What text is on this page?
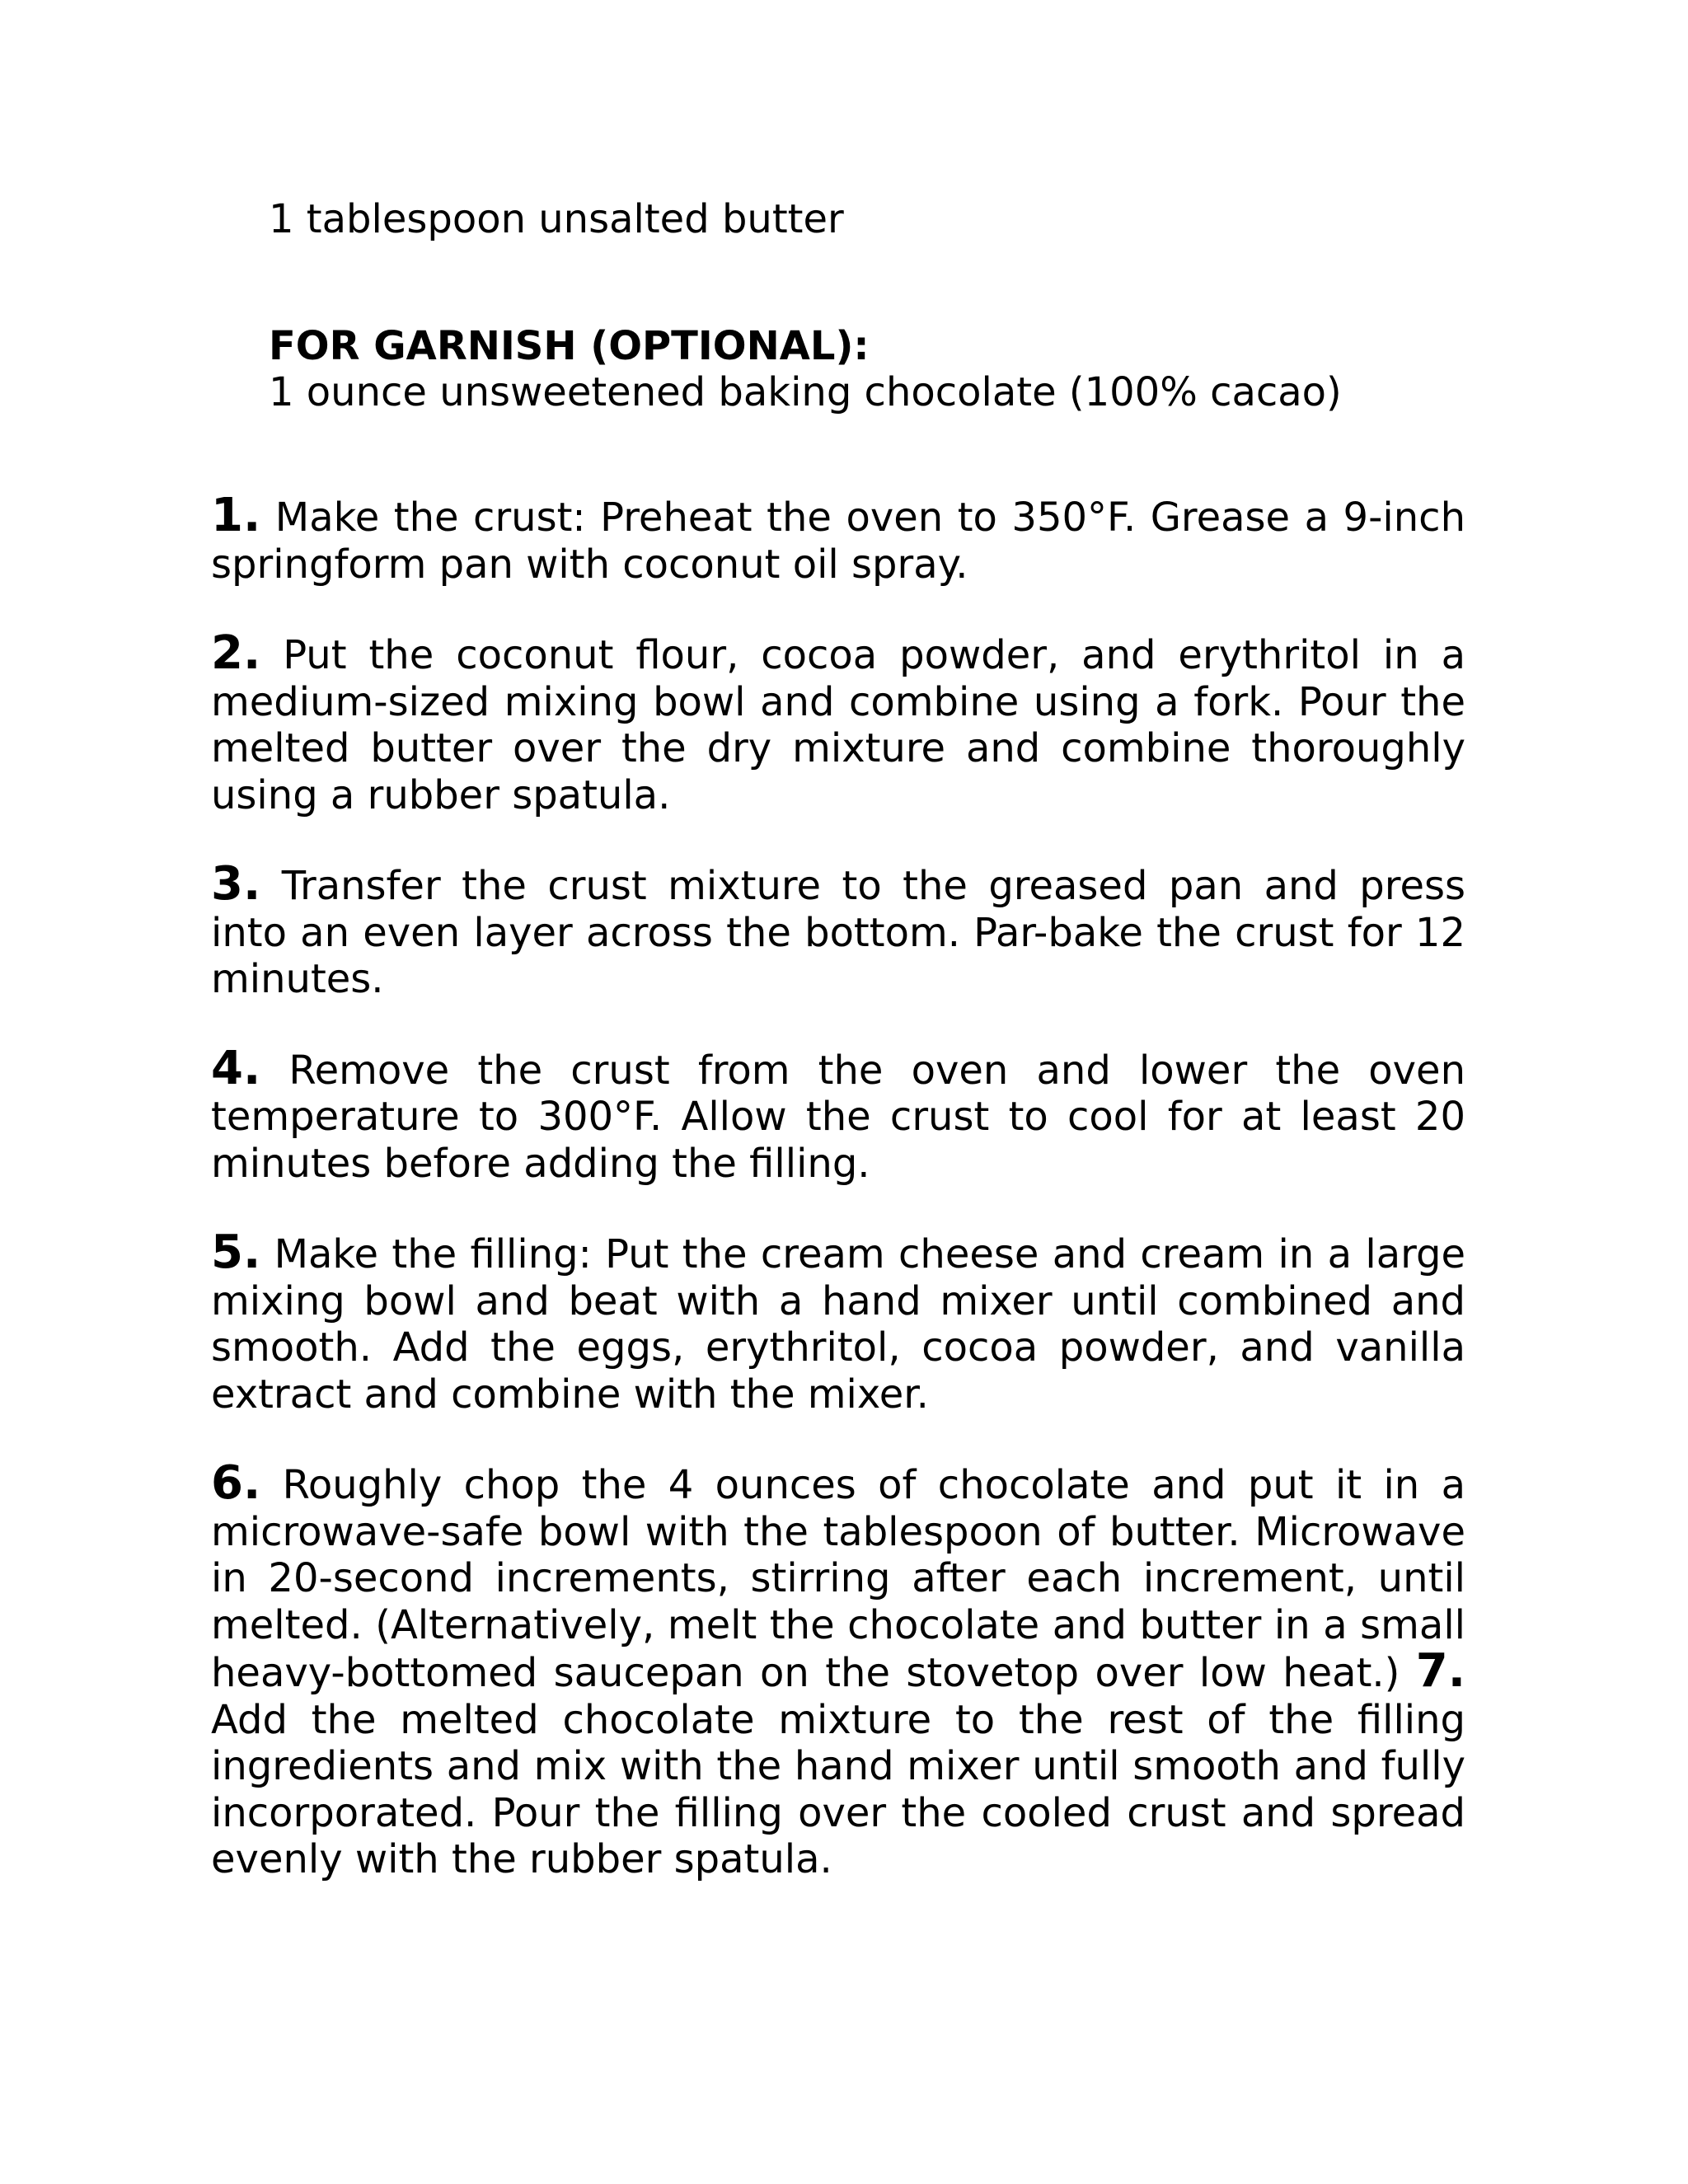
1 tablespoon unsalted butter
FOR GARNISH (OPTIONAL):
1 ounce unsweetened baking chocolate (100% cacao)

1. Make the crust: Preheat the oven to 350°F. Grease a 9-inch springform pan with coconut oil spray.

2. Put the coconut flour, cocoa powder, and erythritol in a medium-sized mixing bowl and combine using a fork. Pour the melted butter over the dry mixture and combine thoroughly using a rubber spatula.

3. Transfer the crust mixture to the greased pan and press into an even layer across the bottom. Par-bake the crust for 12 minutes.

4. Remove the crust from the oven and lower the oven temperature to 300°F. Allow the crust to cool for at least 20 minutes before adding the filling.

5. Make the filling: Put the cream cheese and cream in a large mixing bowl and beat with a hand mixer until combined and smooth. Add the eggs, erythritol, cocoa powder, and vanilla extract and combine with the mixer.

6. Roughly chop the 4 ounces of chocolate and put it in a microwave-safe bowl with the tablespoon of butter. Microwave in 20-second increments, stirring after each increment, until melted. (Alternatively, melt the chocolate and butter in a small heavy-bottomed saucepan on the stovetop over low heat.) 7. Add the melted chocolate mixture to the rest of the filling ingredients and mix with the hand mixer until smooth and fully incorporated. Pour the filling over the cooled crust and spread evenly with the rubber spatula.
